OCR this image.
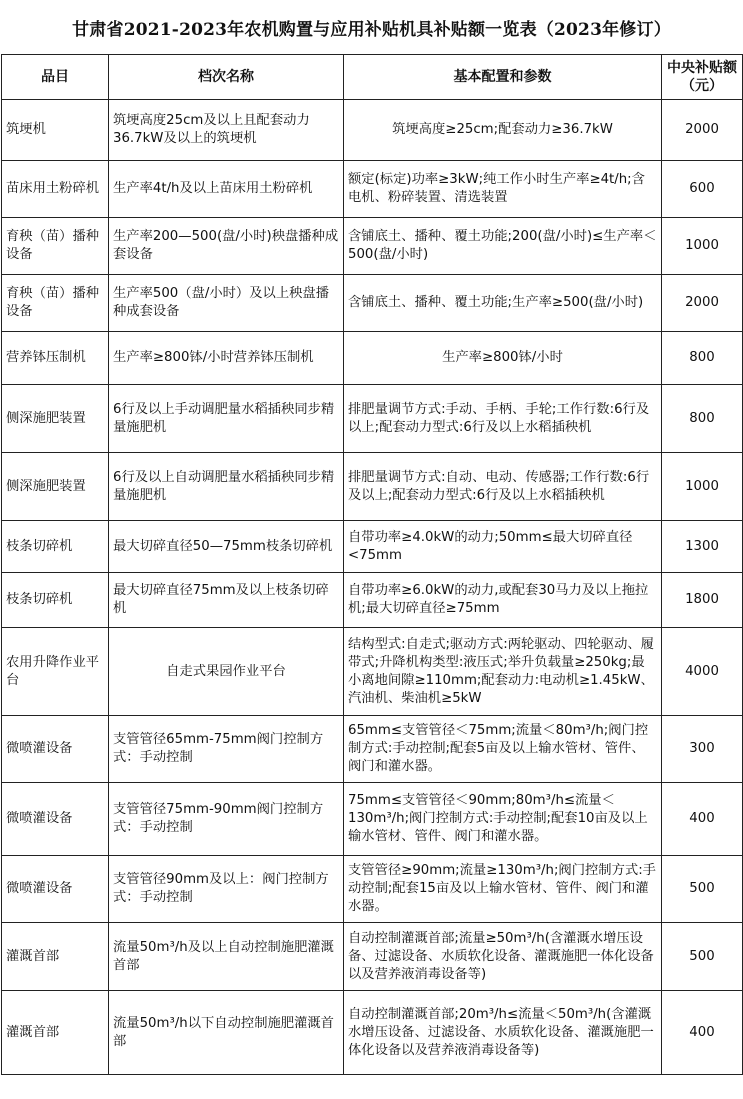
甘肃省2021-2023年农机购置与应用补贴机具补贴额一览表（2023年修订）
品目	档次名称	基本配置和参数	中央补贴额（元）
筑埂机	筑埂高度25cm及以上且配套动力36.7kW及以上的筑埂机	筑埂高度≥25cm;配套动力≥36.7kW	2000
苗床用土粉碎机	生产率4t/h及以上苗床用土粉碎机	额定(标定)功率≥3kW;纯工作小时生产率≥4t/h;含电机、粉碎装置、清选装置	600
育秧（苗）播种设备	生产率200—500(盘/小时)秧盘播种成套设备	含铺底土、播种、覆土功能;200(盘/小时)≤生产率＜500(盘/小时)	1000
育秧（苗）播种设备	生产率500（盘/小时）及以上秧盘播种成套设备	含铺底土、播种、覆土功能;生产率≥500(盘/小时)	2000
营养钵压制机	生产率≥800钵/小时营养钵压制机	生产率≥800钵/小时	800
侧深施肥装置	6行及以上手动调肥量水稻插秧同步精量施肥机	排肥量调节方式:手动、手柄、手轮;工作行数:6行及以上;配套动力型式:6行及以上水稻插秧机	800
侧深施肥装置	6行及以上自动调肥量水稻插秧同步精量施肥机	排肥量调节方式:自动、电动、传感器;工作行数:6行及以上;配套动力型式:6行及以上水稻插秧机	1000
枝条切碎机	最大切碎直径50—75mm枝条切碎机	自带功率≥4.0kW的动力;50mm≤最大切碎直径<75mm	1300
枝条切碎机	最大切碎直径75mm及以上枝条切碎机	自带功率≥6.0kW的动力,或配套30马力及以上拖拉机;最大切碎直径≥75mm	1800
农用升降作业平台	自走式果园作业平台	结构型式:自走式;驱动方式:两轮驱动、四轮驱动、履带式;升降机构类型:液压式;举升负载量≥250kg;最小离地间隙≥110mm;配套动力:电动机≥1.45kW、汽油机、柴油机≥5kW	4000
微喷灌设备	支管管径65mm-75mm阀门控制方式：手动控制	65mm≤支管管径＜75mm;流量＜80m³/h;阀门控制方式:手动控制;配套5亩及以上输水管材、管件、阀门和灌水器。	300
微喷灌设备	支管管径75mm-90mm阀门控制方式：手动控制	75mm≤支管管径＜90mm;80m³/h≤流量＜130m³/h;阀门控制方式:手动控制;配套10亩及以上输水管材、管件、阀门和灌水器。	400
微喷灌设备	支管管径90mm及以上：阀门控制方式：手动控制	支管管径≥90mm;流量≥130m³/h;阀门控制方式:手动控制;配套15亩及以上输水管材、管件、阀门和灌水器。	500
灌溉首部	流量50m³/h及以上自动控制施肥灌溉首部	自动控制灌溉首部;流量≥50m³/h(含灌溉水增压设备、过滤设备、水质软化设备、灌溉施肥一体化设备以及营养液消毒设备等)	500
灌溉首部	流量50m³/h以下自动控制施肥灌溉首部	自动控制灌溉首部;20m³/h≤流量＜50m³/h(含灌溉水增压设备、过滤设备、水质软化设备、灌溉施肥一体化设备以及营养液消毒设备等)	400
